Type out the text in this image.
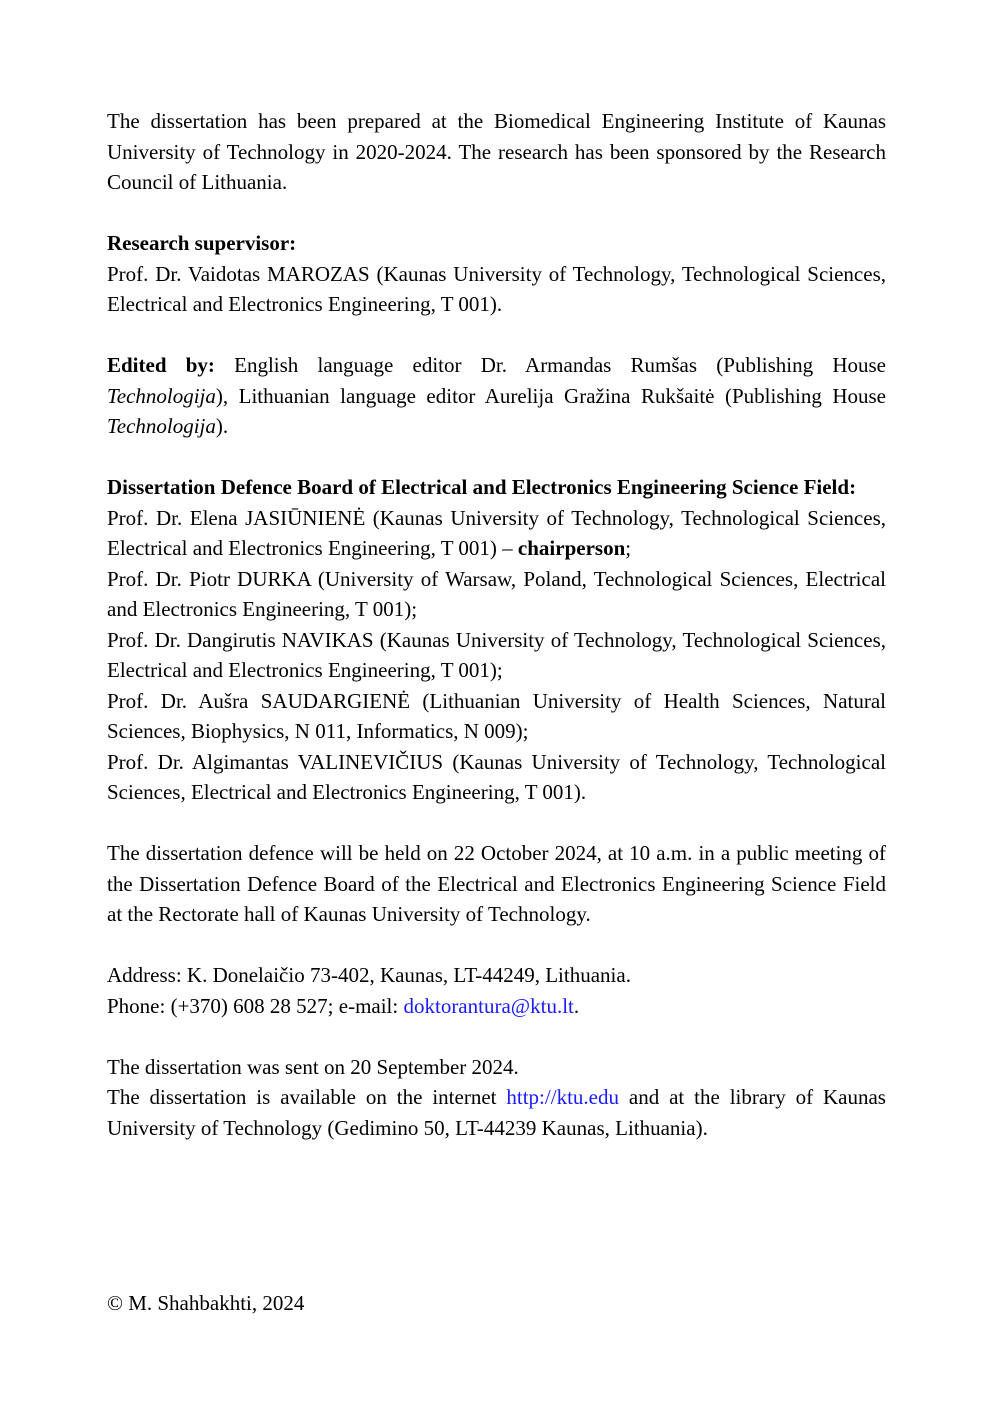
The dissertation has been prepared at the Biomedical Engineering Institute of Kaunas University of Technology in 2020-2024. The research has been sponsored by the Research Council of Lithuania.

Research supervisor:
Prof. Dr. Vaidotas MAROZAS (Kaunas University of Technology, Technological Sciences, Electrical and Electronics Engineering, T 001).

Edited by: English language editor Dr. Armandas Rumšas (Publishing House Technologija), Lithuanian language editor Aurelija Gražina Rukšaitė (Publishing House Technologija).

Dissertation Defence Board of Electrical and Electronics Engineering Science Field:
Prof. Dr. Elena JASIŪNIENĖ (Kaunas University of Technology, Technological Sciences, Electrical and Electronics Engineering, T 001) – chairperson;
Prof. Dr. Piotr DURKA (University of Warsaw, Poland, Technological Sciences, Electrical and Electronics Engineering, T 001);
Prof. Dr. Dangirutis NAVIKAS (Kaunas University of Technology, Technological Sciences, Electrical and Electronics Engineering, T 001);
Prof. Dr. Aušra SAUDARGIENĖ (Lithuanian University of Health Sciences, Natural Sciences, Biophysics, N 011, Informatics, N 009);
Prof. Dr. Algimantas VALINEVIČIUS (Kaunas University of Technology, Technological Sciences, Electrical and Electronics Engineering, T 001).

The dissertation defence will be held on 22 October 2024, at 10 a.m. in a public meeting of the Dissertation Defence Board of the Electrical and Electronics Engineering Science Field at the Rectorate hall of Kaunas University of Technology.

Address: K. Donelaičio 73-402, Kaunas, LT-44249, Lithuania.
Phone: (+370) 608 28 527; e-mail: doktorantura@ktu.lt.
The dissertation was sent on 20 September 2024.
The dissertation is available on the internet http://ktu.edu and at the library of Kaunas University of Technology (Gedimino 50, LT-44239 Kaunas, Lithuania).
© M. Shahbakhti, 2024
